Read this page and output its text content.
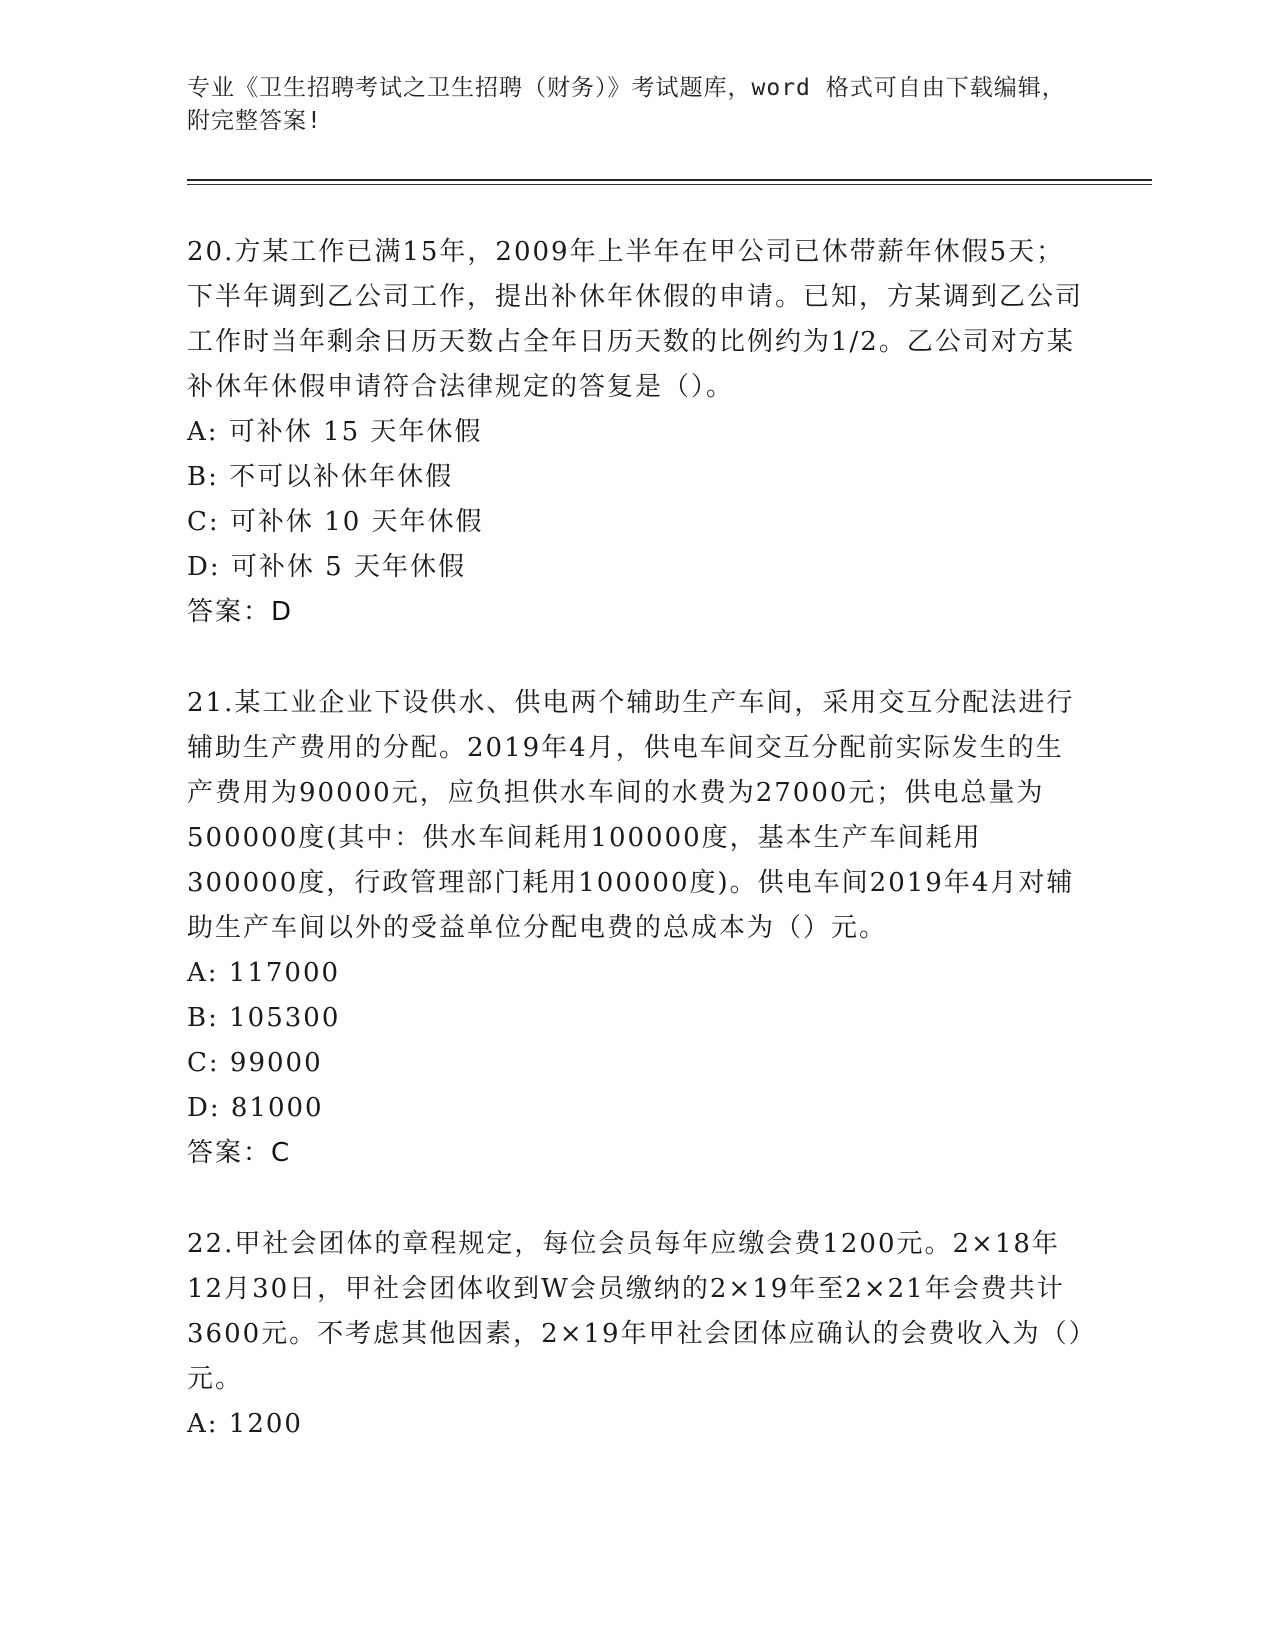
专业《卫生招聘考试之卫生招聘（财务）》考试题库，word 格式可自由下载编辑，附完整答案!

20.方某工作已满15年，2009年上半年在甲公司已休带薪年休假5天；下半年调到乙公司工作，提出补休年休假的申请。已知，方某调到乙公司工作时当年剩余日历天数占全年日历天数的比例约为1/2。乙公司对方某补休年休假申请符合法律规定的答复是（）。

A: 可补休 15 天年休假

B: 不可以补休年休假

C: 可补休 10 天年休假

D: 可补休 5 天年休假

答案：D

21.某工业企业下设供水、供电两个辅助生产车间，采用交互分配法进行辅助生产费用的分配。2019年4月，供电车间交互分配前实际发生的生产费用为90000元，应负担供水车间的水费为27000元；供电总量为500000度(其中：供水车间耗用100000度，基本生产车间耗用300000度，行政管理部门耗用100000度)。供电车间2019年4月对辅助生产车间以外的受益单位分配电费的总成本为（）元。

A: 117000

B: 105300

C: 99000

D: 81000

答案：C

22.甲社会团体的章程规定，每位会员每年应缴会费1200元。2×18年12月30日，甲社会团体收到W会员缴纳的2×19年至2×21年会费共计3600元。不考虑其他因素，2×19年甲社会团体应确认的会费收入为（）元。

A: 1200
